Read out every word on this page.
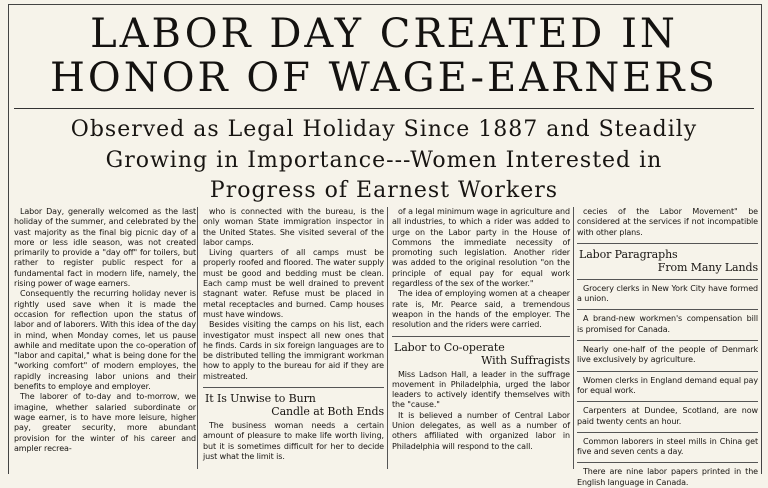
LABOR DAY CREATED IN
HONOR OF WAGE-EARNERS
Observed as Legal Holiday Since 1887 and Steadily
Growing in Importance---Women Interested in
Progress of Earnest Workers

Labor Day, generally welcomed as the last holiday of the summer, and celebrated by the vast majority as the final big picnic day of a more or less idle season, was not created primarily to provide a "day off" for toilers, but rather to register public respect for a fundamental fact in modern life, namely, the rising power of wage earners.

Consequently the recurring holiday never is rightly used save when it is made the occasion for reflection upon the status of labor and of laborers. With this idea of the day in mind, when Monday comes, let us pause awhile and meditate upon the co-operation of "labor and capital," what is being done for the "working comfort" of modern employes, the rapidly increasing labor unions and their benefits to employe and employer.

The laborer of to-day and to-morrow, we imagine, whether salaried subordinate or wage earner, is to have more leisure, higher pay, greater security, more abundant provision for the winter of his career and ampler recrea-

who is connected with the bureau, is the only woman State immigration inspector in the United States. She visited several of the labor camps.

Living quarters of all camps must be properly roofed and floored. The water supply must be good and bedding must be clean. Each camp must be well drained to prevent stagnant water. Refuse must be placed in metal receptacles and burned. Camp houses must have windows.

Besides visiting the camps on his list, each investigator must inspect all new ones that he finds. Cards in six foreign languages are to be distributed telling the immigrant workman how to apply to the bureau for aid if they are mistreated.

It Is Unwise to Burn
Candle at Both Ends

The business woman needs a certain amount of pleasure to make life worth living, but it is sometimes difficult for her to decide just what the limit is.

of a legal minimum wage in agriculture and all industries, to which a rider was added to urge on the Labor party in the House of Commons the immediate necessity of promoting such legislation. Another rider was added to the original resolution "on the principle of equal pay for equal work regardless of the sex of the worker."

The idea of employing women at a cheaper rate is, Mr. Pearce said, a tremendous weapon in the hands of the employer. The resolution and the riders were carried.

Labor to Co-operate
With Suffragists

Miss Ladson Hall, a leader in the suffrage movement in Philadelphia, urged the labor leaders to actively identify themselves with the "cause."

It is believed a number of Central Labor Union delegates, as well as a number of others affiliated with organized labor in Philadelphia will respond to the call.

cecies of the Labor Movement" be considered at the services if not incompatible with other plans.

Labor Paragraphs
From Many Lands

Grocery clerks in New York City have formed a union.

A brand-new workmen's compensation bill is promised for Canada.

Nearly one-half of the people of Denmark live exclusively by agriculture.

Women clerks in England demand equal pay for equal work.

Carpenters at Dundee, Scotland, are now paid twenty cents an hour.

Common laborers in steel mills in China get five and seven cents a day.

There are nine labor papers printed in the English language in Canada.
